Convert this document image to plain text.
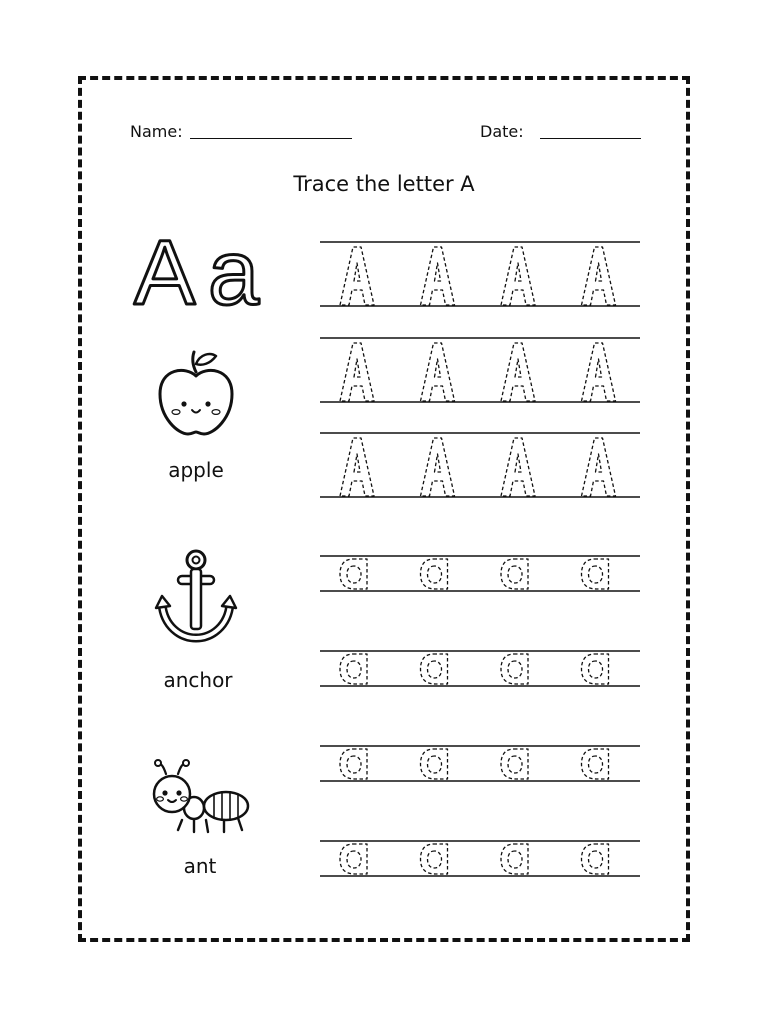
Name:	Date:
Trace the letter A
A a
apple
anchor
ant
